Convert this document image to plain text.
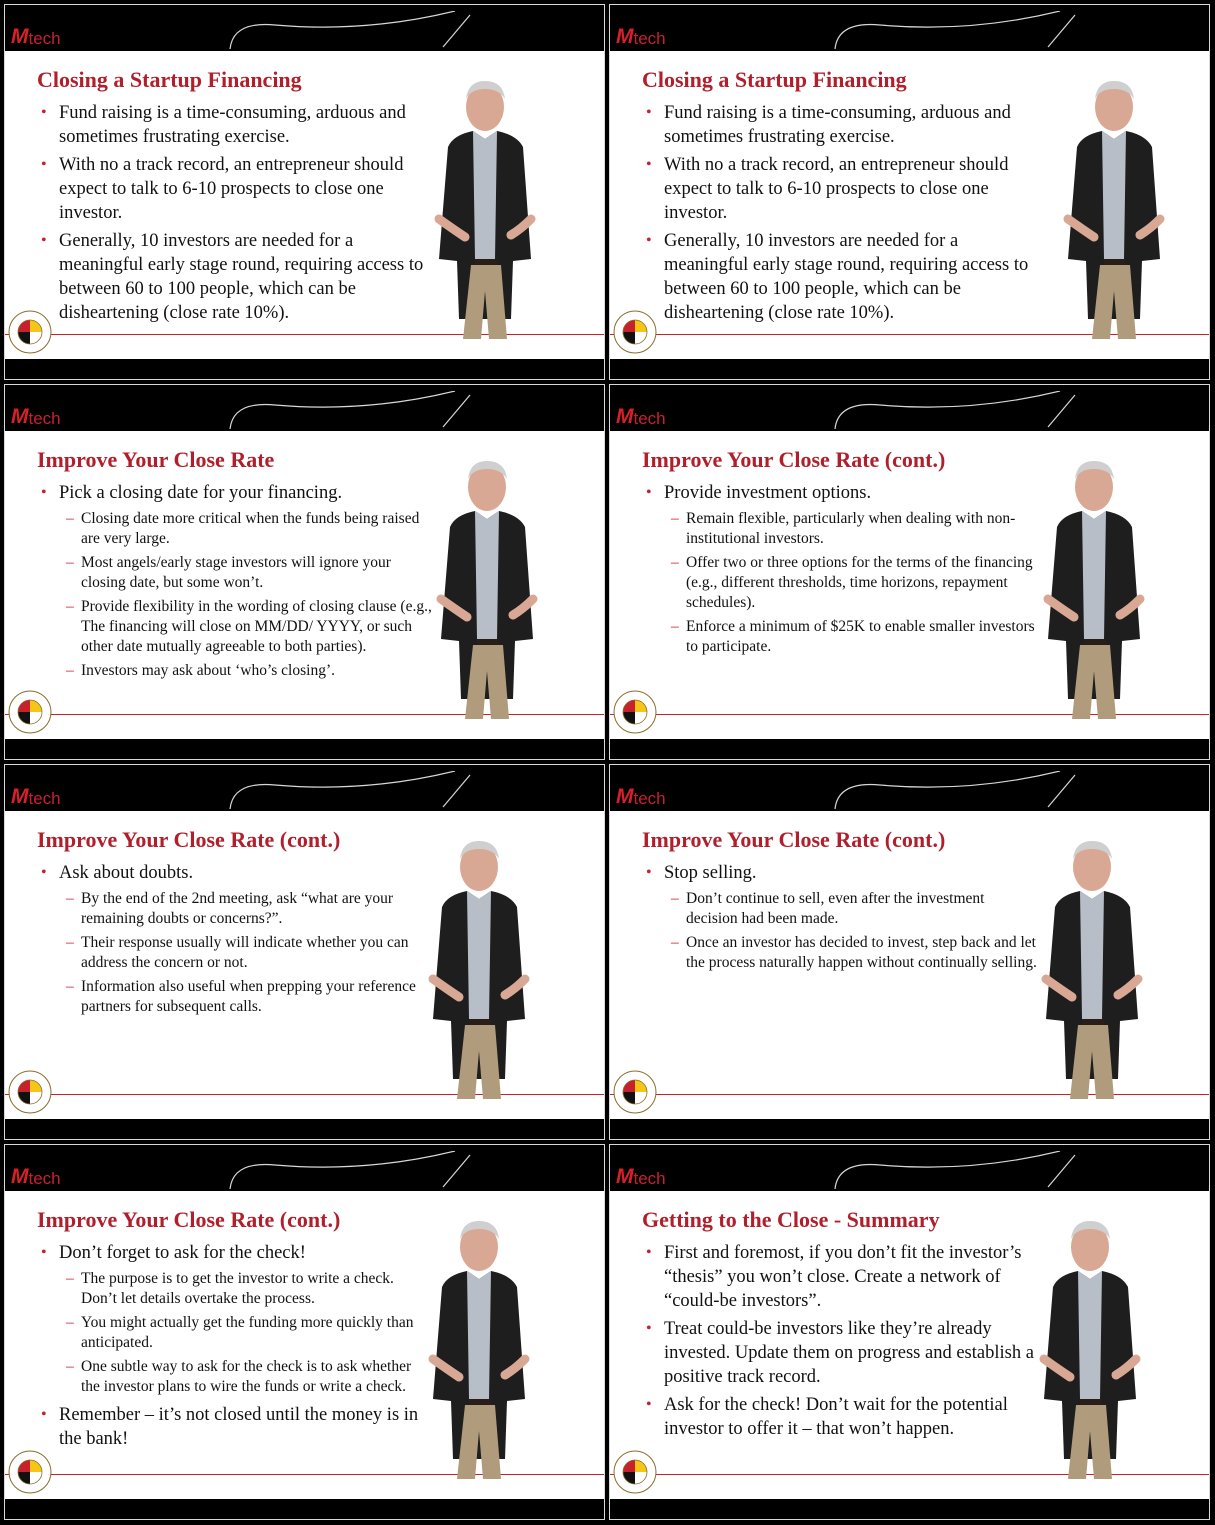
M tech
Closing a Startup Financing
• Fund raising is a time-consuming, arduous and sometimes frustrating exercise.
• With no a track record, an entrepreneur should expect to talk to 6-10 prospects to close one investor.
• Generally, 10 investors are needed for a meaningful early stage round, requiring access to between 60 to 100 people, which can be disheartening (close rate 10%).
M tech
Closing a Startup Financing
• Fund raising is a time-consuming, arduous and sometimes frustrating exercise.
• With no a track record, an entrepreneur should expect to talk to 6-10 prospects to close one investor.
• Generally, 10 investors are needed for a meaningful early stage round, requiring access to between 60 to 100 people, which can be disheartening (close rate 10%).
M tech
Improve Your Close Rate
• Pick a closing date for your financing.
– Closing date more critical when the funds being raised are very large.
– Most angels/early stage investors will ignore your closing date, but some won’t.
– Provide flexibility in the wording of closing clause (e.g., The financing will close on MM/DD/ YYYY, or such other date mutually agreeable to both parties).
– Investors may ask about ‘who’s closing’.
M tech
Improve Your Close Rate (cont.)
• Provide investment options.
– Remain flexible, particularly when dealing with non-institutional investors.
– Offer two or three options for the terms of the financing (e.g., different thresholds, time horizons, repayment schedules).
– Enforce a minimum of $25K to enable smaller investors to participate.
M tech
Improve Your Close Rate (cont.)
• Ask about doubts.
– By the end of the 2nd meeting, ask “what are your remaining doubts or concerns?”.
– Their response usually will indicate whether you can address the concern or not.
– Information also useful when prepping your reference partners for subsequent calls.
M tech
Improve Your Close Rate (cont.)
• Stop selling.
– Don’t continue to sell, even after the investment decision had been made.
– Once an investor has decided to invest, step back and let the process naturally happen without continually selling.
M tech
Improve Your Close Rate (cont.)
• Don’t forget to ask for the check!
– The purpose is to get the investor to write a check. Don’t let details overtake the process.
– You might actually get the funding more quickly than anticipated.
– One subtle way to ask for the check is to ask whether the investor plans to wire the funds or write a check.
• Remember – it’s not closed until the money is in the bank!
M tech
Getting to the Close - Summary
• First and foremost, if you don’t fit the investor’s “thesis” you won’t close. Create a network of “could-be investors”.
• Treat could-be investors like they’re already invested. Update them on progress and establish a positive track record.
• Ask for the check! Don’t wait for the potential investor to offer it – that won’t happen.
